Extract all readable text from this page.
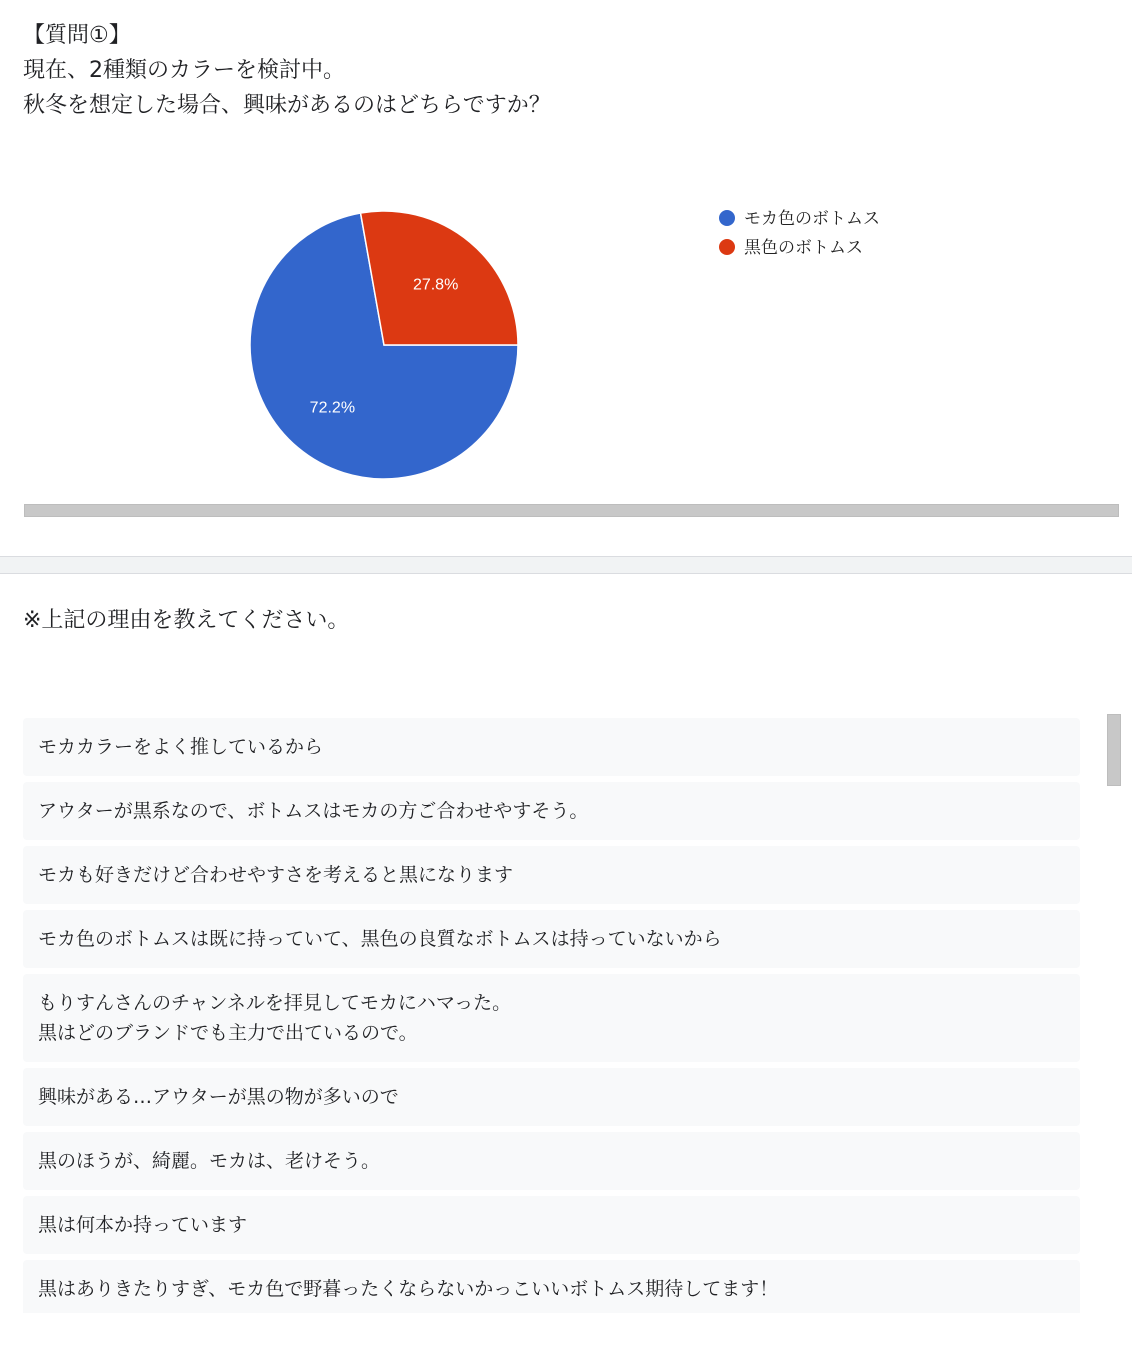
【質問①】
現在、2種類のカラーを検討中。
秋冬を想定した場合、興味があるのはどちらですか？
72.2%
27.8%
モカ色のボトムス
黒色のボトムス
※上記の理由を教えてください。
モカカラーをよく推しているから
アウターが黒系なので、ボトムスはモカの方ご合わせやすそう。
モカも好きだけど合わせやすさを考えると黒になります
モカ色のボトムスは既に持っていて、黒色の良質なボトムスは持っていないから
もりすんさんのチャンネルを拝見してモカにハマった。
黒はどのブランドでも主力で出ているので。
興味がある…アウターが黒の物が多いので
黒のほうが、綺麗。モカは、老けそう。
黒は何本か持っています
黒はありきたりすぎ、モカ色で野暮ったくならないかっこいいボトムス期待してます！
